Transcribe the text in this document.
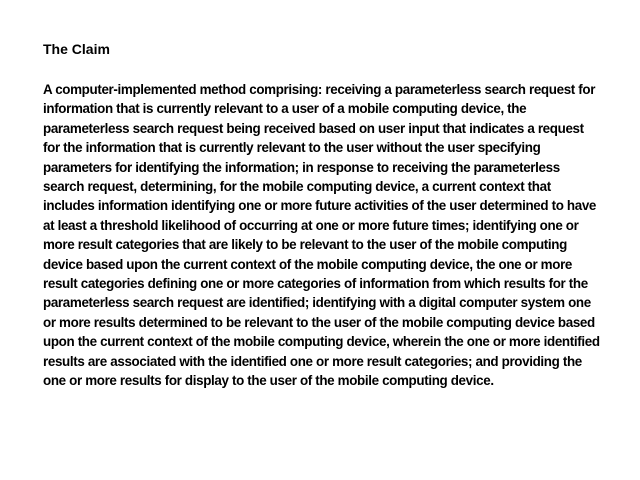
The Claim

A computer-implemented method comprising: receiving a parameterless search request for information that is currently relevant to a user of a mobile computing device, the parameterless search request being received based on user input that indicates a request for the information that is currently relevant to the user without the user specifying parameters for identifying the information; in response to receiving the parameterless search request, determining, for the mobile computing device, a current context that includes information identifying one or more future activities of the user determined to have at least a threshold likelihood of occurring at one or more future times; identifying one or more result categories that are likely to be relevant to the user of the mobile computing device based upon the current context of the mobile computing device, the one or more result categories defining one or more categories of information from which results for the parameterless search request are identified; identifying with a digital computer system one or more results determined to be relevant to the user of the mobile computing device based upon the current context of the mobile computing device, wherein the one or more identified results are associated with the identified one or more result categories; and providing the one or more results for display to the user of the mobile computing device.
